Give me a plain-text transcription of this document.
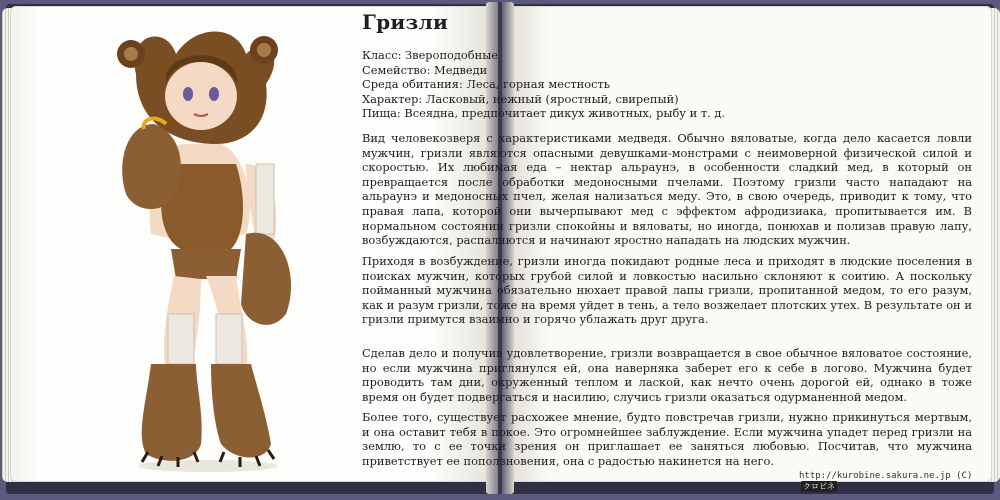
Гризли
Класс: Звероподобные
Семейство: Медведи
Среда обитания: Леса, горная местность
Характер: Ласковый, нежный (яростный, свирепый)
Пища: Всеядна, предпочитает дикух животных, рыбу и т. д.
Вид человекозверя с характеристиками медведя. Обычно вяловатые, когда дело касается ловли мужчин, гризли являются опасными девушками-монстрами с неимоверной физической силой и скоростью. Их любимая еда – нектар альраунэ, в особенности сладкий мед, в который он превращается после обработки медоносными пчелами. Поэтому гризли часто нападают на альраунэ и медоносных пчел, желая нализаться меду. Это, в свою очередь, приводит к тому, что правая лапа, которой они вычерпывают мед с эффектом афродизиака, пропитывается им. В нормальном состоянии гризли спокойны и вяловаты, но иногда, понюхав и полизав правую лапу, возбуждаются, распаляются и начинают яростно нападать на людских мужчин.
Приходя в возбуждение, гризли иногда покидают родные леса и приходят в людские поселения в поисках мужчин, которых грубой силой и ловкостью насильно склоняют к соитию. А поскольку пойманный мужчина обязательно нюхает правой лапы гризли, пропитанной медом, то его разум, как и разум гризли, тоже на время уйдет в тень, а тело возжелает плотских утех. В результате он и гризли примутся взаимно и горячо ублажать друг друга.
Сделав дело и получив удовлетворение, гризли возвращается в свое обычное вяловатое состояние, но если мужчина приглянулся ей, она наверняка заберет его к себе в логово. Мужчина будет проводить там дни, окруженный теплом и лаской, как нечто очень дорогой ей, однако в тоже время он будет подвергаться и насилию, случись гризли оказаться одурманенной медом.
Более того, существует расхожее мнение, будто повстречав гризли, нужно прикинуться мертвым, и она оставит тебя в покое. Это огромнейшее заблуждение. Если мужчина упадет перед гризли на землю, то с ее точки зрения он приглашает ее заняться любовью. Посчитав, что мужчина приветствует ее поползновения, она с радостью накинется на него.
http://kurobine.sakura.ne.jp (C)クロビネ
